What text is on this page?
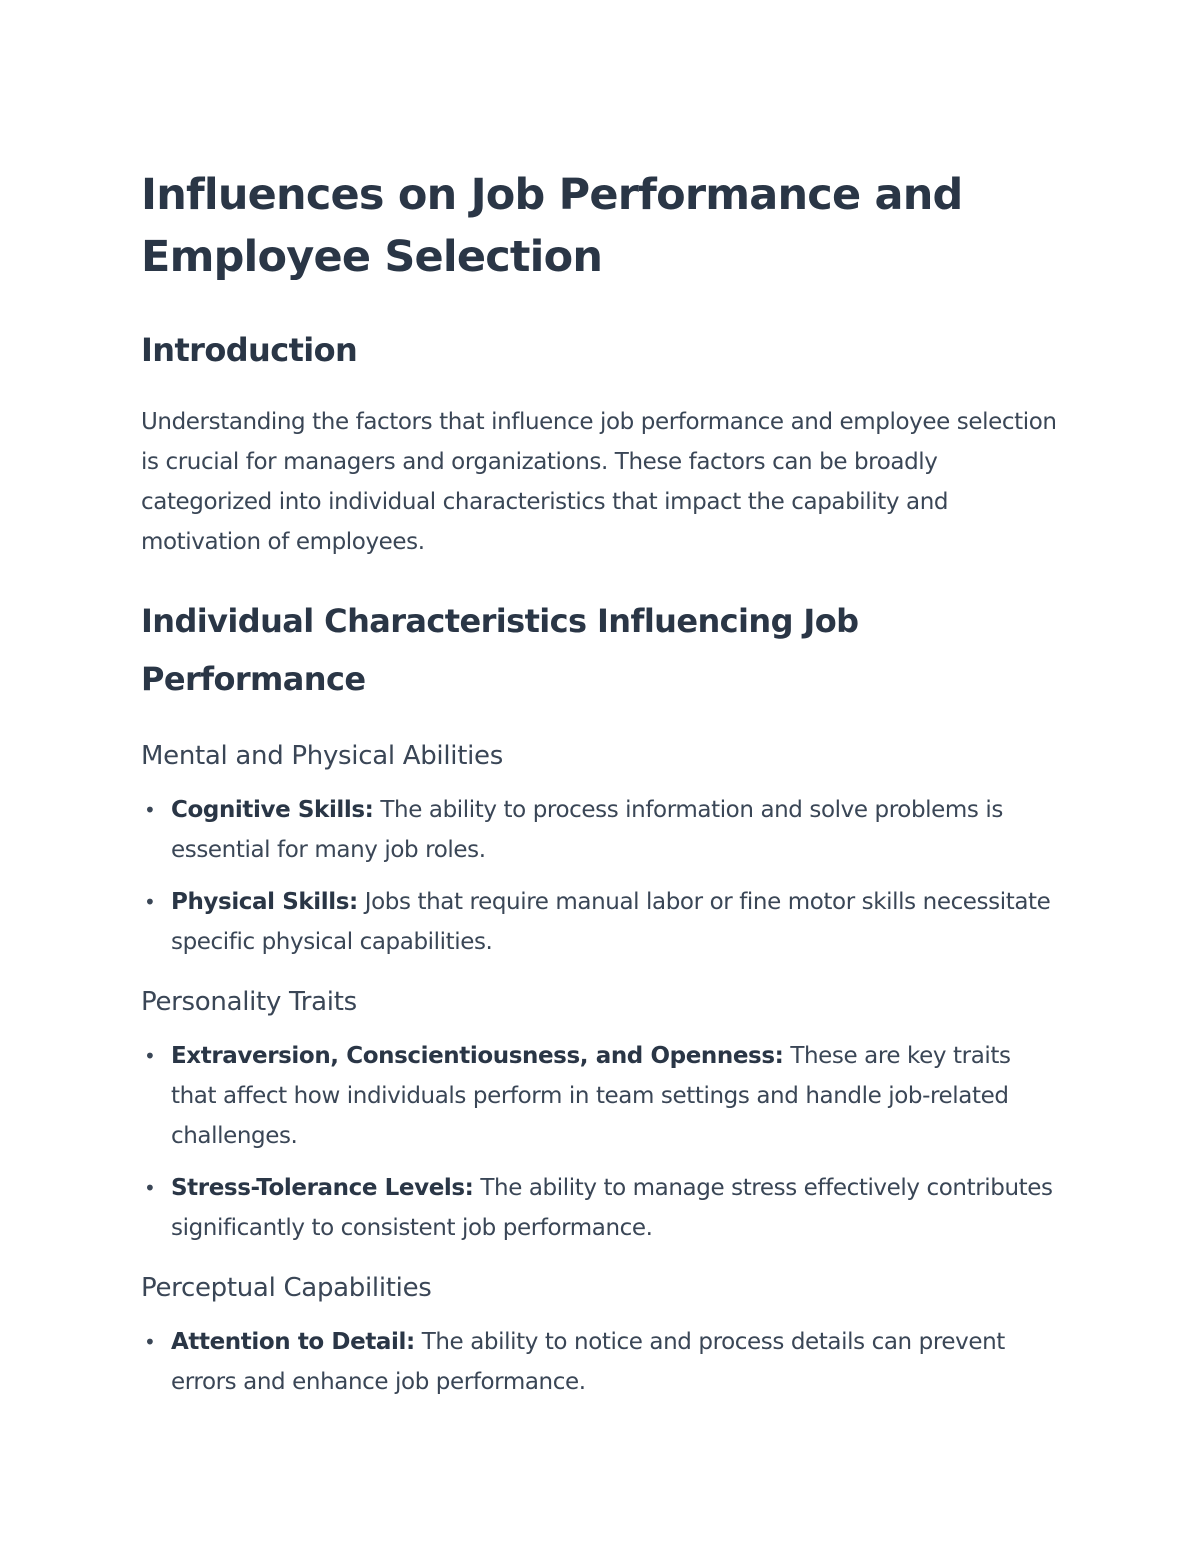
Influences on Job Performance and Employee Selection
Introduction

Understanding the factors that influence job performance and employee selection is crucial for managers and organizations. These factors can be broadly categorized into individual characteristics that impact the capability and motivation of employees.

Individual Characteristics Influencing Job Performance
Mental and Physical Abilities
• Cognitive Skills: The ability to process information and solve problems is essential for many job roles.
• Physical Skills: Jobs that require manual labor or fine motor skills necessitate specific physical capabilities.
Personality Traits
• Extraversion, Conscientiousness, and Openness: These are key traits that affect how individuals perform in team settings and handle job-related challenges.
• Stress-Tolerance Levels: The ability to manage stress effectively contributes significantly to consistent job performance.
Perceptual Capabilities
• Attention to Detail: The ability to notice and process details can prevent errors and enhance job performance.
